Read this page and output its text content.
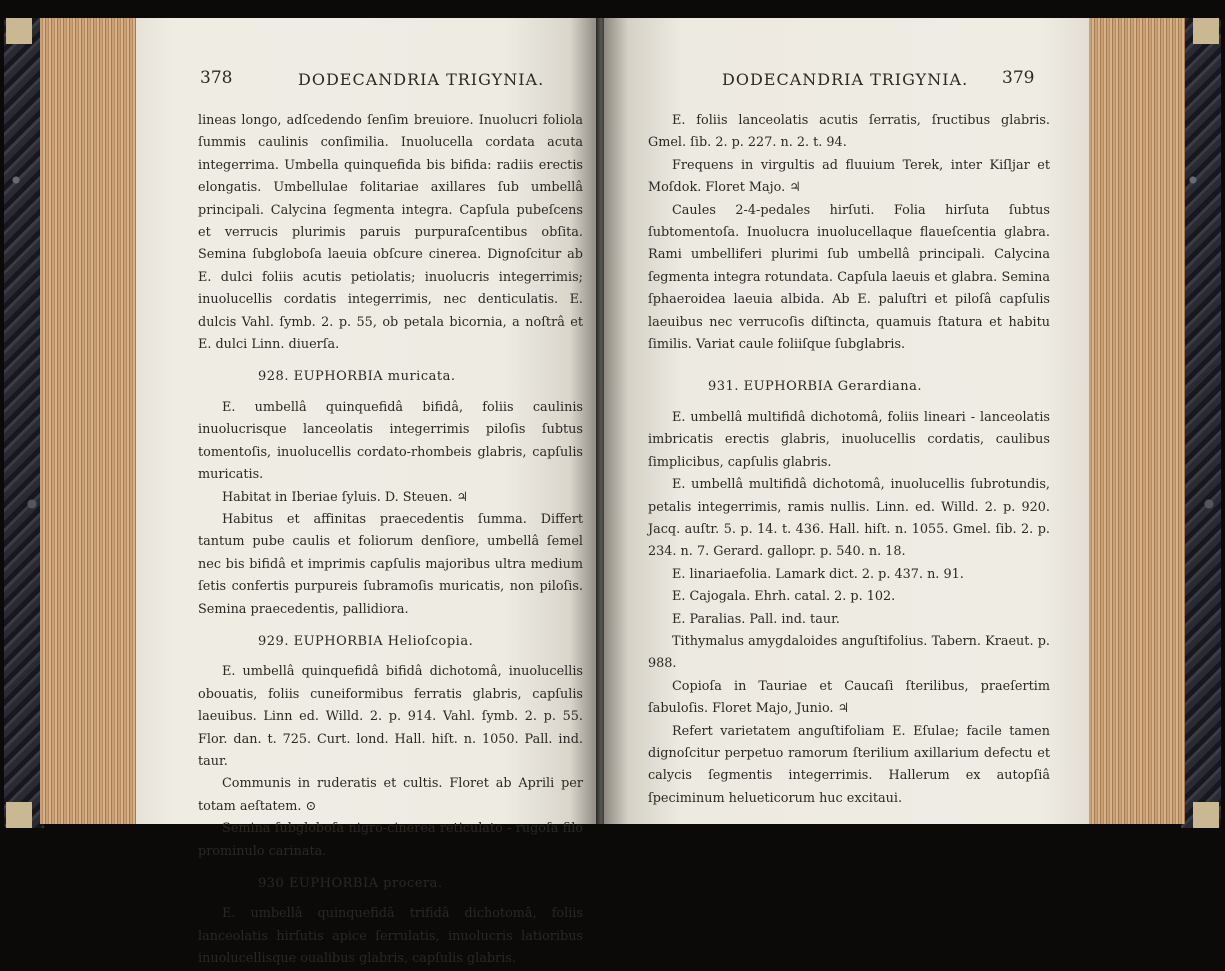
378	DODECANDRIA TRIGYNIA.

lineas longo, adſcedendo ſenſim breuiore. Inuolucri foliola ſummis caulinis conſimilia. Inuolucella cordata acuta integerrima. Umbella quinquefida bis bifida: radiis erectis elongatis. Umbellulae folitariae axillares ſub umbellâ principali. Calycina ſegmenta integra. Capſula pubeſcens et verrucis plurimis paruis purpuraſcentibus obſita. Semina ſubgloboſa laeuia obſcure cinerea. Dignoſcitur ab E. dulci foliis acutis petiolatis; inuolucris integerrimis; inuolucellis cordatis integerrimis, nec denticulatis. E. dulcis Vahl. ſymb. 2. p. 55, ob petala bicornia, a noſtrâ et E. dulci Linn. diuerſa.

928. EUPHORBIA muricata.

E. umbellâ quinquefidâ bifidâ, foliis caulinis inuolucrisque lanceolatis integerrimis piloſis ſubtus tomentoſis, inuolucellis cordato-rhombeis glabris, capſulis muricatis.

Habitat in Iberiae ſyluis. D. Steuen. ♃

Habitus et affinitas praecedentis ſumma. Differt tantum pube caulis et foliorum denſiore, umbellâ ſemel nec bis bifidâ et imprimis capſulis majoribus ultra medium ſetis confertis purpureis ſubramoſis muricatis, non piloſis. Semina praecedentis, pallidiora.

929. EUPHORBIA Helioſcopia.

E. umbellâ quinquefidâ bifidâ dichotomâ, inuolucellis obouatis, foliis cuneiformibus ferratis glabris, capſulis laeuibus. Linn ed. Willd. 2. p. 914. Vahl. ſymb. 2. p. 55. Flor. dan. t. 725. Curt. lond. Hall. hiſt. n. 1050. Pall. ind. taur.

Communis in ruderatis et cultis. Floret ab Aprili per totam aeſtatem. ⊙

Semina ſubgloboſa nigro-cinerea reticulato - rugoſa filo prominulo carinata.

930 EUPHORBIA procera.

E. umbellâ quinquefidâ trifidâ dichotomâ, foliis lanceolatis hirſutis apice ſerrulatis, inuolucris latioribus inuolucellisque oualibus glabris, capſulis glabris.

DODECANDRIA TRIGYNIA. 379

E. foliis lanceolatis acutis ſerratis, ſructibus glabris. Gmel. ſib. 2. p. 227. n. 2. t. 94.

Frequens in virgultis ad fluuium Terek, inter Kiſljar et Moſdok. Floret Majo. ♃

Caules 2-4-pedales hirſuti. Folia hirſuta ſubtus ſubtomentoſa. Inuolucra inuolucellaque flaueſcentia glabra. Rami umbelliferi plurimi ſub umbellâ principali. Calycina ſegmenta integra rotundata. Capſula laeuis et glabra. Semina ſphaeroidea laeuia albida. Ab E. paluſtri et piloſâ capſulis laeuibus nec verrucoſis diſtincta, quamuis ſtatura et habitu ſimilis. Variat caule foliiſque ſubglabris.

931. EUPHORBIA Gerardiana.

E. umbellâ multifidâ dichotomâ, foliis lineari - lanceolatis imbricatis erectis glabris, inuolucellis cordatis, caulibus ſimplicibus, capſulis glabris.

E. umbellâ multifidâ dichotomâ, inuolucellis ſubrotundis, petalis integerrimis, ramis nullis. Linn. ed. Willd. 2. p. 920. Jacq. auſtr. 5. p. 14. t. 436. Hall. hiſt. n. 1055. Gmel. ſib. 2. p. 234. n. 7. Gerard. gallopr. p. 540. n. 18.

E. linariaefolia. Lamark dict. 2. p. 437. n. 91.

E. Cajogala. Ehrh. catal. 2. p. 102.

E. Paralias. Pall. ind. taur.

Tithymalus amygdaloides anguſtifolius. Tabern. Kraeut. p. 988.

Copioſa in Tauriae et Caucaſi ſterilibus, praeſertim ſabuloſis. Floret Majo, Junio. ♃

Refert varietatem anguſtifoliam E. Eſulae; facile tamen dignoſcitur perpetuo ramorum ſterilium axillarium defectu et calycis ſegmentis integerrimis. Hallerum ex autopſiâ ſpeciminum helueticorum huc excitaui.
